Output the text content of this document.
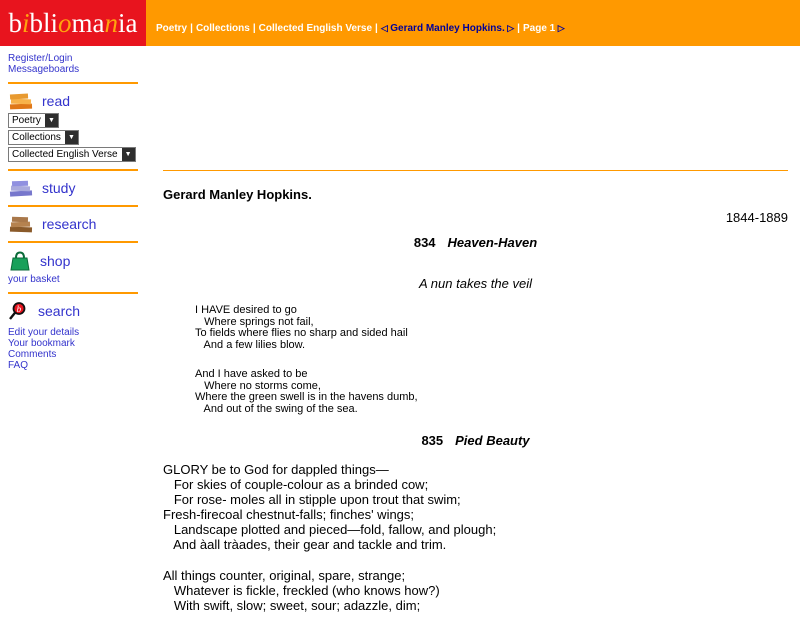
b i b l i o m a n i a	Poetry | Collections | Collected English Verse | ◁ Gerard Manley Hopkins. ▷ | Page 1 ▷
Register/Login
Messageboards
read
Poetry	▼
Collections	▼
Collected English Verse	▼
study
research
shop
your basket
b search
Edit your details
Your bookmark
Comments
FAQ
Gerard Manley Hopkins.
1844-1889
834 Heaven-Haven
A nun takes the veil
I HAVE desired to go
Where springs not fail,
To fields where flies no sharp and sided hail
And a few lilies blow.
And I have asked to be
Where no storms come,
Where the green swell is in the havens dumb,
And out of the swing of the sea.
835 Pied Beauty
GLORY be to God for dappled things—
For skies of couple-colour as a brinded cow;
For rose- moles all in stipple upon trout that swim;
Fresh-firecoal chestnut-falls; finches' wings;
Landscape plotted and pieced—fold, fallow, and plough;
And àall tràades, their gear and tackle and trim.
All things counter, original, spare, strange;
Whatever is fickle, freckled (who knows how?)
With swift, slow; sweet, sour; adazzle, dim;
